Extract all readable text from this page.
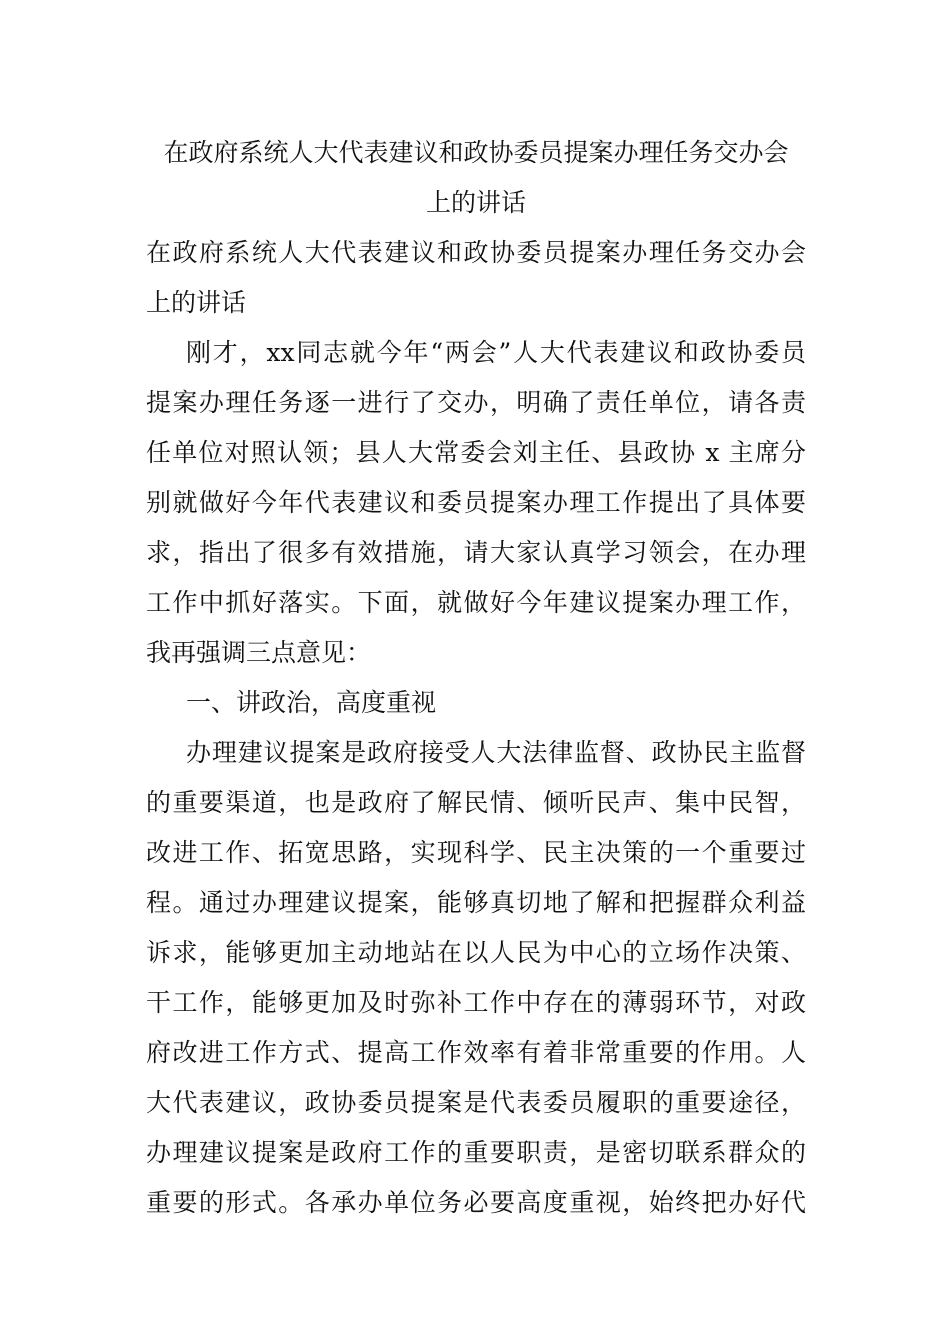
在政府系统人大代表建议和政协委员提案办理任务交办会
上的讲话
在政府系统人大代表建议和政协委员提案办理任务交办会
上的讲话
刚才，xx同志就今年“两会”人大代表建议和政协委员
提案办理任务逐一进行了交办，明确了责任单位，请各责
任单位对照认领；县人大常委会刘主任、县政协 x 主席分
别就做好今年代表建议和委员提案办理工作提出了具体要
求，指出了很多有效措施，请大家认真学习领会，在办理
工作中抓好落实。下面，就做好今年建议提案办理工作，
我再强调三点意见：
一、讲政治，高度重视
办理建议提案是政府接受人大法律监督、政协民主监督
的重要渠道，也是政府了解民情、倾听民声、集中民智，
改进工作、拓宽思路，实现科学、民主决策的一个重要过
程。通过办理建议提案，能够真切地了解和把握群众利益
诉求，能够更加主动地站在以人民为中心的立场作决策、
干工作，能够更加及时弥补工作中存在的薄弱环节，对政
府改进工作方式、提高工作效率有着非常重要的作用。人
大代表建议，政协委员提案是代表委员履职的重要途径，
办理建议提案是政府工作的重要职责，是密切联系群众的
重要的形式。各承办单位务必要高度重视，始终把办好代
